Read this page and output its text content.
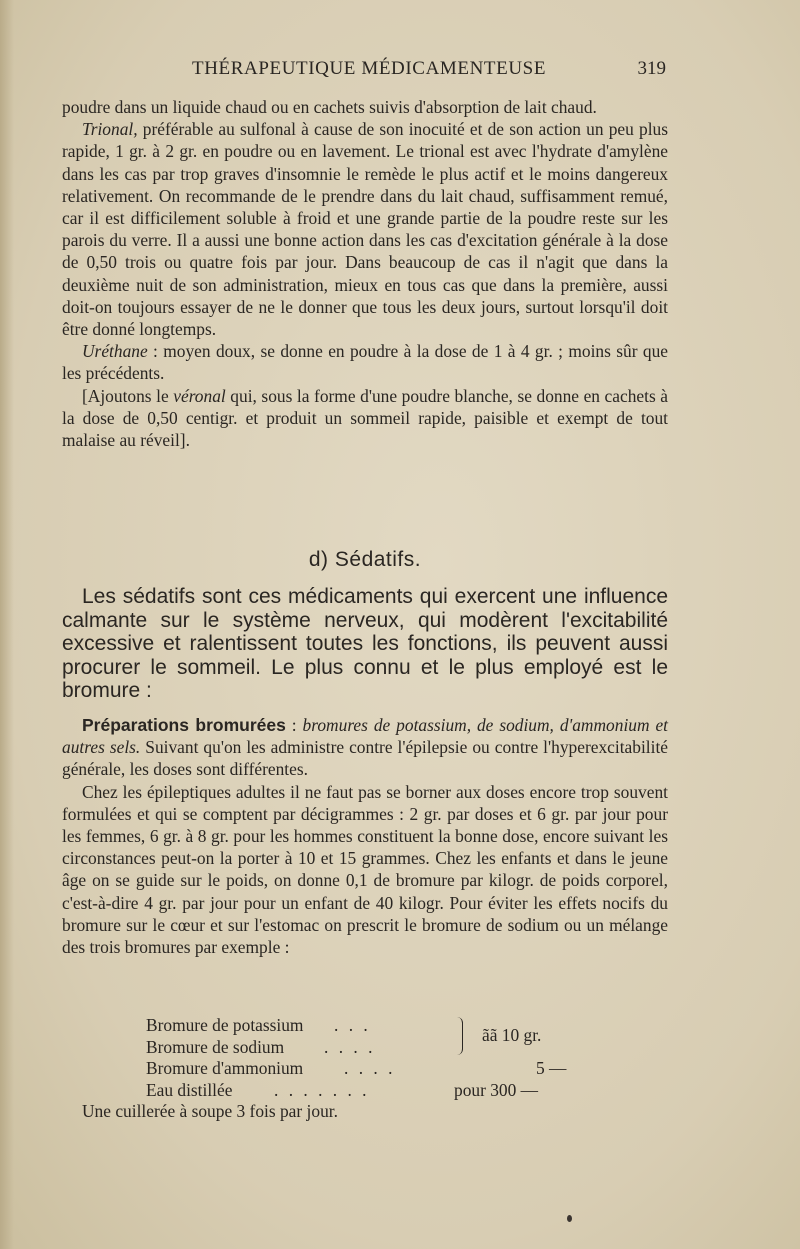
THÉRAPEUTIQUE MÉDICAMENTEUSE	319

poudre dans un liquide chaud ou en cachets suivis d'absorption de lait chaud.

Trional, préférable au sulfonal à cause de son inocuité et de son action un peu plus rapide, 1 gr. à 2 gr. en poudre ou en lavement. Le trional est avec l'hydrate d'amylène dans les cas par trop graves d'insomnie le remède le plus actif et le moins dangereux relativement. On recommande de le prendre dans du lait chaud, suffisamment remué, car il est difficilement soluble à froid et une grande partie de la poudre reste sur les parois du verre. Il a aussi une bonne action dans les cas d'excitation générale à la dose de 0,50 trois ou quatre fois par jour. Dans beaucoup de cas il n'agit que dans la deuxième nuit de son administration, mieux en tous cas que dans la première, aussi doit-on toujours essayer de ne le donner que tous les deux jours, surtout lorsqu'il doit être donné longtemps.

Uréthane : moyen doux, se donne en poudre à la dose de 1 à 4 gr. ; moins sûr que les précédents.

[Ajoutons le véronal qui, sous la forme d'une poudre blanche, se donne en cachets à la dose de 0,50 centigr. et produit un sommeil rapide, paisible et exempt de tout malaise au réveil].

d) Sédatifs.

Les sédatifs sont ces médicaments qui exercent une influence calmante sur le système nerveux, qui modèrent l'excitabilité excessive et ralentissent toutes les fonctions, ils peuvent aussi procurer le sommeil. Le plus connu et le plus employé est le bromure :

Préparations bromurées : bromures de potassium, de sodium, d'ammonium et autres sels. Suivant qu'on les administre contre l'épilepsie ou contre l'hyperexcitabilité générale, les doses sont différentes.

Chez les épileptiques adultes il ne faut pas se borner aux doses encore trop souvent formulées et qui se comptent par décigrammes : 2 gr. par doses et 6 gr. par jour pour les femmes, 6 gr. à 8 gr. pour les hommes constituent la bonne dose, encore suivant les circonstances peut-on la porter à 10 et 15 grammes. Chez les enfants et dans le jeune âge on se guide sur le poids, on donne 0,1 de bromure par kilogr. de poids corporel, c'est-à-dire 4 gr. par jour pour un enfant de 40 kilogr. Pour éviter les effets nocifs du bromure sur le cœur et sur l'estomac on prescrit le bromure de sodium ou un mélange des trois bromures par exemple :

Bromure de potassium . . .
Bromure de sodium . . . .
ãã 10 gr.
Bromure d'ammonium . . . .	5 —
Eau distillée . . . . . . .	pour 300 —
Une cuillerée à soupe 3 fois par jour.
